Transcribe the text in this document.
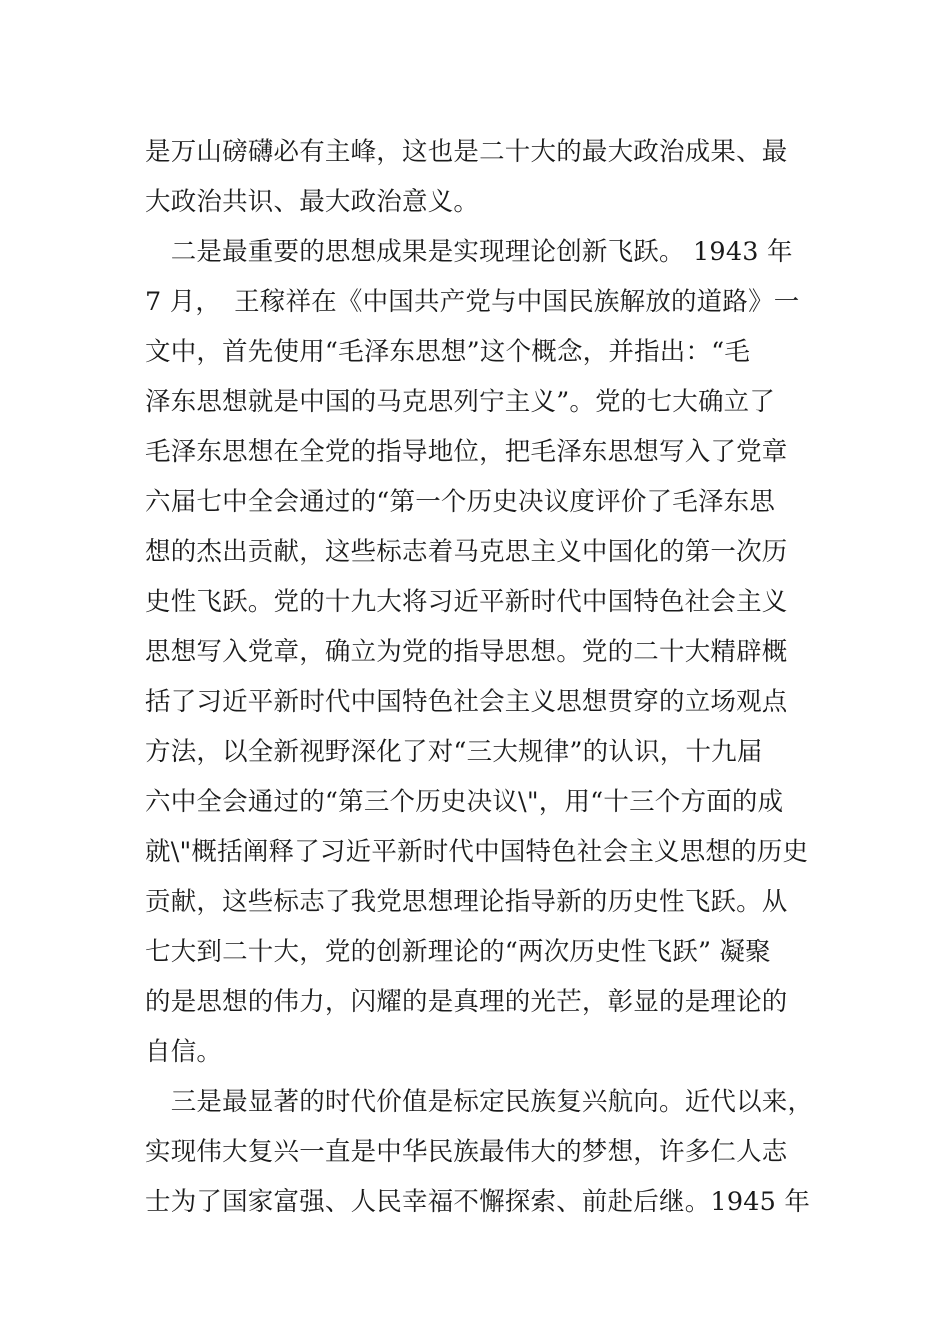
是万山磅礴必有主峰，这也是二十大的最大政治成果、最
大政治共识、最大政治意义。
　二是最重要的思想成果是实现理论创新飞跃。 1943 年
7 月，　王稼祥在《中国共产党与中国民族解放的道路》一
文中，首先使用“毛泽东思想”这个概念，并指出：“毛
泽东思想就是中国的马克思列宁主义”。党的七大确立了
毛泽东思想在全党的指导地位，把毛泽东思想写入了党章
六届七中全会通过的“第一个历史决议度评价了毛泽东思
想的杰出贡献，这些标志着马克思主义中国化的第一次历
史性飞跃。党的十九大将习近平新时代中国特色社会主义
思想写入党章，确立为党的指导思想。党的二十大精辟概
括了习近平新时代中国特色社会主义思想贯穿的立场观点
方法，以全新视野深化了对“三大规律”的认识，十九届
六中全会通过的“第三个历史决议\"，用“十三个方面的成
就\"概括阐释了习近平新时代中国特色社会主义思想的历史
贡献，这些标志了我党思想理论指导新的历史性飞跃。从
七大到二十大，党的创新理论的“两次历史性飞跃” 凝聚
的是思想的伟力，闪耀的是真理的光芒，彰显的是理论的
自信。
　三是最显著的时代价值是标定民族复兴航向。近代以来，
实现伟大复兴一直是中华民族最伟大的梦想，许多仁人志
士为了国家富强、人民幸福不懈探索、前赴后继。1945 年
